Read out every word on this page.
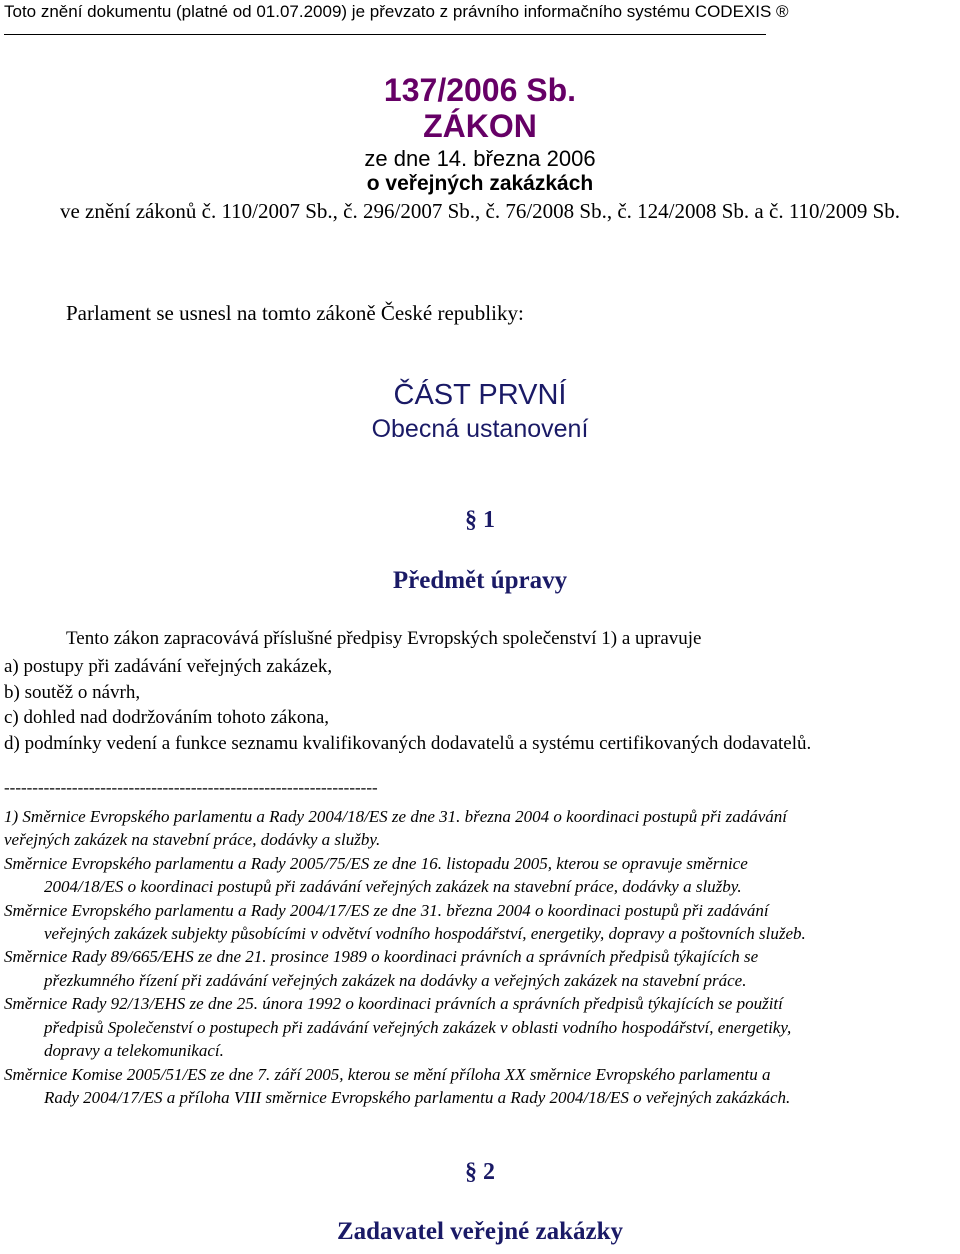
Toto znění dokumentu (platné od 01.07.2009) je převzato z právního informačního systému CODEXIS ®
137/2006 Sb.
ZÁKON
ze dne 14. března 2006
o veřejných zakázkách
ve znění zákonů č. 110/2007 Sb., č. 296/2007 Sb., č. 76/2008 Sb., č. 124/2008 Sb. a č. 110/2009 Sb.
Parlament se usnesl na tomto zákoně České republiky:
ČÁST PRVNÍ
Obecná ustanovení
§ 1
Předmět úpravy
Tento zákon zapracovává příslušné předpisy Evropských společenství 1) a upravuje
a) postupy při zadávání veřejných zakázek,
b) soutěž o návrh,
c) dohled nad dodržováním tohoto zákona,
d) podmínky vedení a funkce seznamu kvalifikovaných dodavatelů a systému certifikovaných dodavatelů.
------------------------------------------------------------------
1) Směrnice Evropského parlamentu a Rady 2004/18/ES ze dne 31. března 2004 o koordinaci postupů při zadávání
veřejných zakázek na stavební práce, dodávky a služby.
Směrnice Evropského parlamentu a Rady 2005/75/ES ze dne 16. listopadu 2005, kterou se opravuje směrnice
2004/18/ES o koordinaci postupů při zadávání veřejných zakázek na stavební práce, dodávky a služby.
Směrnice Evropského parlamentu a Rady 2004/17/ES ze dne 31. března 2004 o koordinaci postupů při zadávání
veřejných zakázek subjekty působícími v odvětví vodního hospodářství, energetiky, dopravy a poštovních služeb.
Směrnice Rady 89/665/EHS ze dne 21. prosince 1989 o koordinaci právních a správních předpisů týkajících se
přezkumného řízení při zadávání veřejných zakázek na dodávky a veřejných zakázek na stavební práce.
Směrnice Rady 92/13/EHS ze dne 25. února 1992 o koordinaci právních a správních předpisů týkajících se použití
předpisů Společenství o postupech při zadávání veřejných zakázek v oblasti vodního hospodářství, energetiky,
dopravy a telekomunikací.
Směrnice Komise 2005/51/ES ze dne 7. září 2005, kterou se mění příloha XX směrnice Evropského parlamentu a
Rady 2004/17/ES a příloha VIII směrnice Evropského parlamentu a Rady 2004/18/ES o veřejných zakázkách.
§ 2
Zadavatel veřejné zakázky
